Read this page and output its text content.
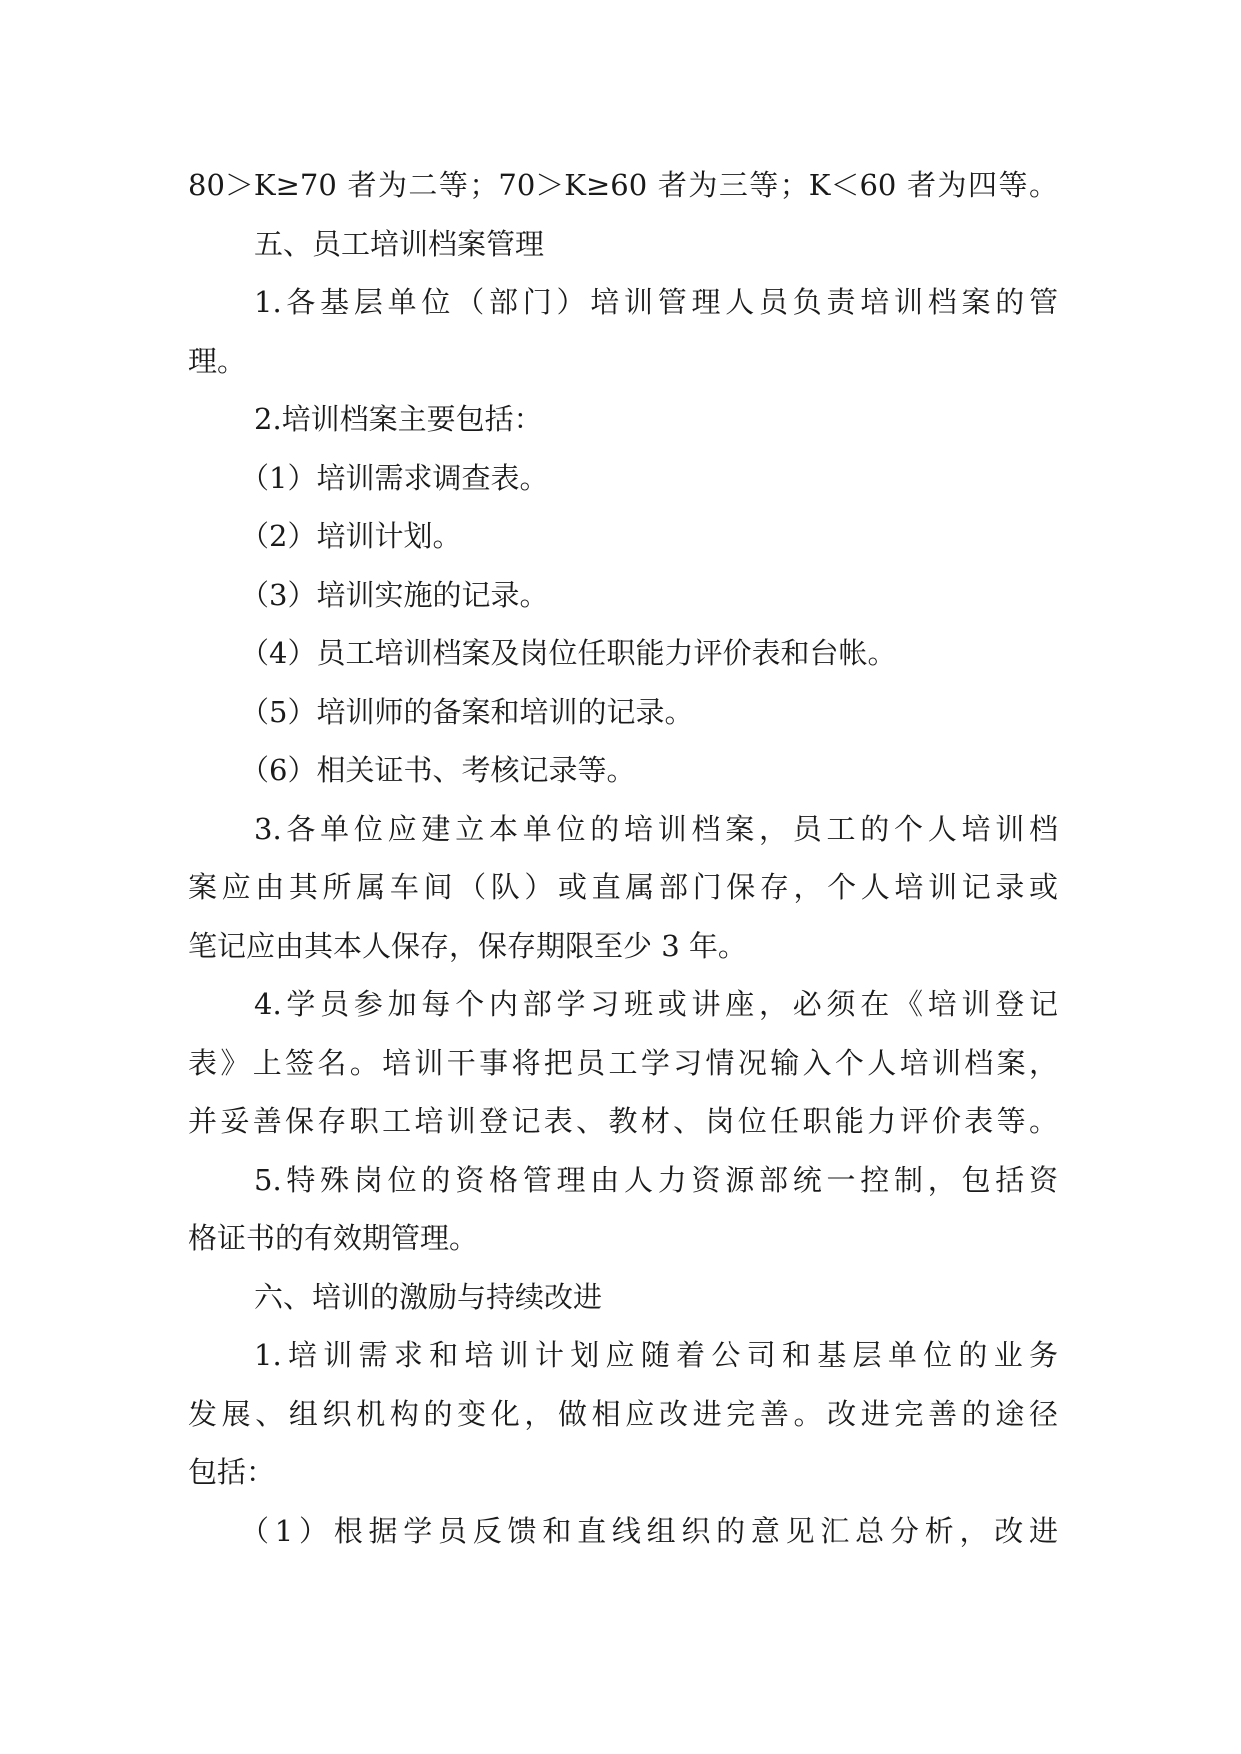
80＞K≥70 者为二等；70＞K≥60 者为三等；K＜60 者为四等。
五、员工培训档案管理
1.各基层单位（部门）培训管理人员负责培训档案的管
理。
2.培训档案主要包括：
（1）培训需求调查表。
（2）培训计划。
（3）培训实施的记录。
（4）员工培训档案及岗位任职能力评价表和台帐。
（5）培训师的备案和培训的记录。
（6）相关证书、考核记录等。
3.各单位应建立本单位的培训档案，员工的个人培训档
案应由其所属车间（队）或直属部门保存，个人培训记录或
笔记应由其本人保存，保存期限至少 3 年。
4.学员参加每个内部学习班或讲座，必须在《培训登记
表》上签名。培训干事将把员工学习情况输入个人培训档案，
并妥善保存职工培训登记表、教材、岗位任职能力评价表等。
5.特殊岗位的资格管理由人力资源部统一控制，包括资
格证书的有效期管理。
六、培训的激励与持续改进
1.培训需求和培训计划应随着公司和基层单位的业务
发展、组织机构的变化，做相应改进完善。改进完善的途径
包括：
（1）根据学员反馈和直线组织的意见汇总分析，改进
